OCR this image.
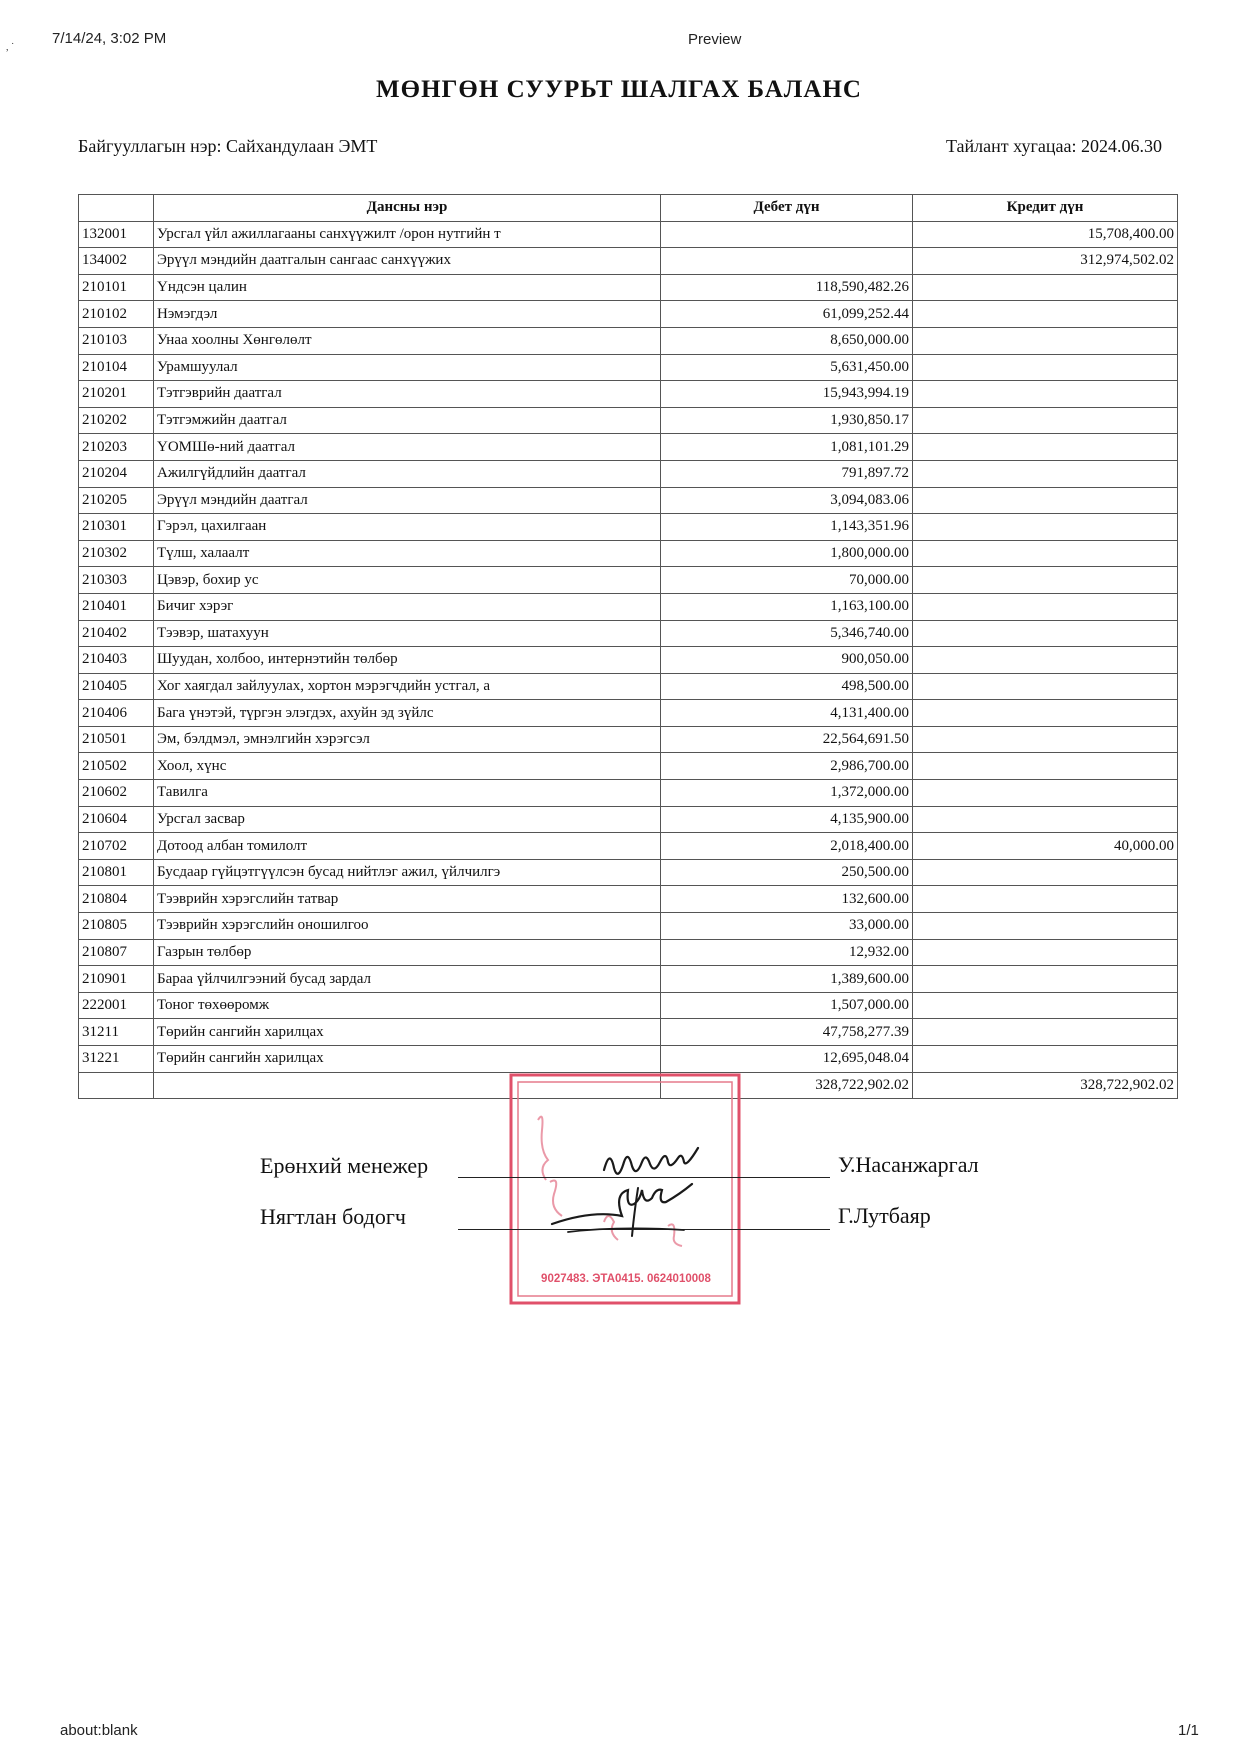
, ˙
7/14/24, 3:02 PM	Preview
МӨНГӨН СУУРЬТ ШАЛГАХ БАЛАНС
Байгууллагын нэр: Сайхандулаан ЭМТ	Тайлант хугацаа: 2024.06.30
	Дансны нэр	Дебет дүн	Кредит дүн
132001	Урсгал үйл ажиллагааны санхүүжилт /орон нутгийн т		15,708,400.00
134002	Эрүүл мэндийн даатгалын сангаас санхүүжих		312,974,502.02
210101	Үндсэн цалин	118,590,482.26	
210102	Нэмэгдэл	61,099,252.44	
210103	Унаа хоолны Хөнгөлөлт	8,650,000.00	
210104	Урамшуулал	5,631,450.00	
210201	Тэтгэврийн даатгал	15,943,994.19	
210202	Тэтгэмжийн даатгал	1,930,850.17	
210203	ҮОМШө-ний даатгал	1,081,101.29	
210204	Ажилгүйдлийн даатгал	791,897.72	
210205	Эрүүл мэндийн даатгал	3,094,083.06	
210301	Гэрэл, цахилгаан	1,143,351.96	
210302	Түлш, халаалт	1,800,000.00	
210303	Цэвэр, бохир ус	70,000.00	
210401	Бичиг хэрэг	1,163,100.00	
210402	Тээвэр, шатахуун	5,346,740.00	
210403	Шуудан, холбоо, интернэтийн төлбөр	900,050.00	
210405	Хог хаягдал зайлуулах, хортон мэрэгчдийн устгал, а	498,500.00	
210406	Бага үнэтэй, түргэн элэгдэх, ахуйн эд зүйлс	4,131,400.00	
210501	Эм, бэлдмэл, эмнэлгийн хэрэгсэл	22,564,691.50	
210502	Хоол, хүнс	2,986,700.00	
210602	Тавилга	1,372,000.00	
210604	Урсгал засвар	4,135,900.00	
210702	Дотоод албан томилолт	2,018,400.00	40,000.00
210801	Бусдаар гүйцэтгүүлсэн бусад нийтлэг ажил, үйлчилгэ	250,500.00	
210804	Тээврийн хэрэгслийн татвар	132,600.00	
210805	Тээврийн хэрэгслийн оношилгоо	33,000.00	
210807	Газрын төлбөр	12,932.00	
210901	Бараа үйлчилгээний бусад зардал	1,389,600.00	
222001	Тоног төхөөромж	1,507,000.00	
31211	Төрийн сангийн харилцах	47,758,277.39	
31221	Төрийн сангийн харилцах	12,695,048.04	
		328,722,902.02	328,722,902.02
9027483. ЭТА0415. 0624010008
Ерөнхий менежер	У.Насанжаргал
Нягтлан бодогч	Г.Лутбаяр
about:blank	1/1
